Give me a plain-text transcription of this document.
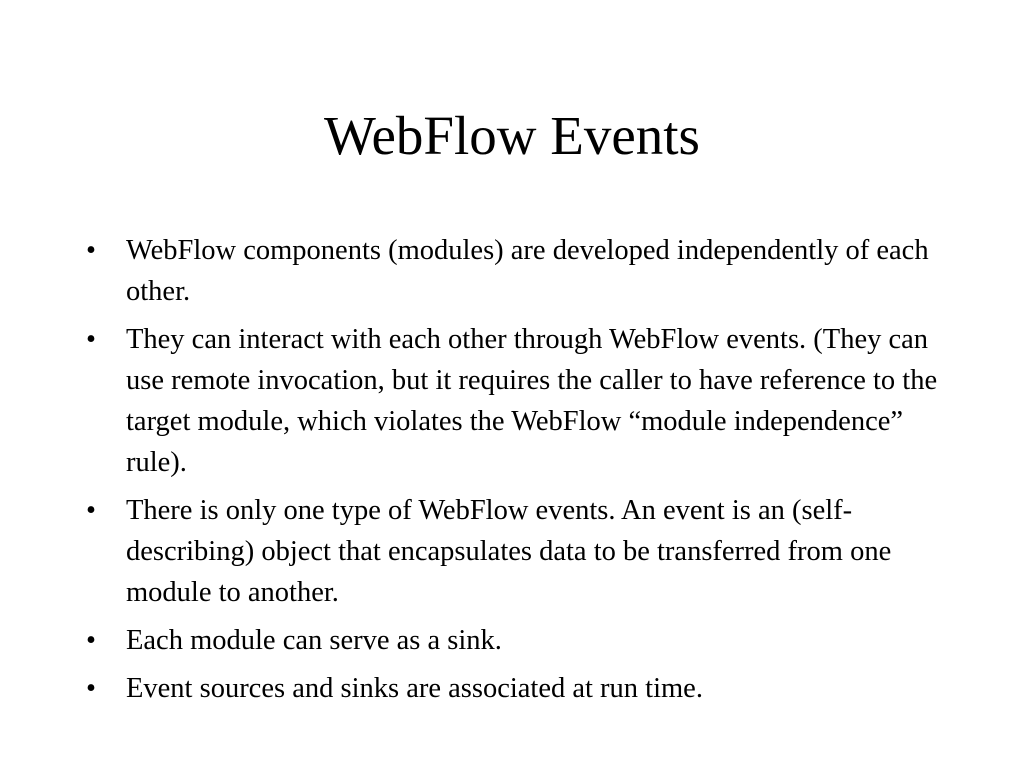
WebFlow Events
•	WebFlow components (modules) are developed independently of each other.
•	They can interact with each other through WebFlow events. (They can use remote invocation, but it requires the caller to have reference to the target module, which violates the WebFlow “module independence” rule).
•	There is only one type of WebFlow events. An event is an (self-describing) object that encapsulates data to be transferred from one module to another.
•	Each module can serve as a sink.
•	Event sources and sinks are associated at run time.
